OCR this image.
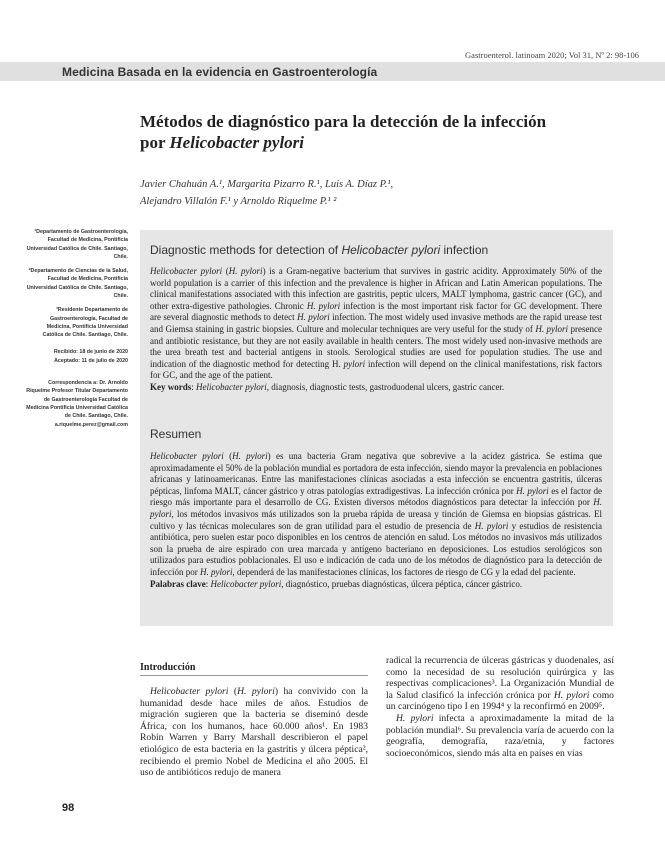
Gastroenterol. latinoam 2020; Vol 31, Nº 2: 98-106
Medicina Basada en la evidencia en Gastroenterología
Métodos de diagnóstico para la detección de la infección
por Helicobacter pylori
Javier Chahuán A.¹, Margarita Pizarro R.¹, Luis A. Díaz P.¹,
Alejandro Villalón F.¹ y Arnoldo Riquelme P.¹ ²

¹Departamento de Gastroenterología, Facultad de Medicina, Pontificia Universidad Católica de Chile. Santiago, Chile.

²Departamento de Ciencias de la Salud, Facultad de Medicina, Pontificia Universidad Católica de Chile. Santiago, Chile.

³Residente Departamento de Gastroenterología, Facultad de Medicina, Pontificia Universidad Católica de Chile. Santiago, Chile.

Recibido: 18 de junio de 2020

Aceptado: 11 de julio de 2020

Correspondencia a: Dr. Arnoldo Riquelme Profesor Titular Departamento de Gastroenterología Facultad de Medicina Pontificia Universidad Católica de Chile. Santiago, Chile. a.riquelme.perez@gmail.com

Diagnostic methods for detection of Helicobacter pylori infection
Helicobacter pylori (H. pylori) is a Gram-negative bacterium that survives in gastric acidity. Approximately 50% of the world population is a carrier of this infection and the prevalence is higher in African and Latin American populations. The clinical manifestations associated with this infection are gastritis, peptic ulcers, MALT lymphoma, gastric cancer (GC), and other extra-digestive pathologies. Chronic H. pylori infection is the most important risk factor for GC development. There are several diagnostic methods to detect H. pylori infection. The most widely used invasive methods are the rapid urease test and Giemsa staining in gastric biopsies. Culture and molecular techniques are very useful for the study of H. pylori presence and antibiotic resistance, but they are not easily available in health centers. The most widely used non-invasive methods are the urea breath test and bacterial antigens in stools. Serological studies are used for population studies. The use and indication of the diagnostic method for detecting H. pylori infection will depend on the clinical manifestations, risk factors for GC, and the age of the patient.
Key words: Helicobacter pylori, diagnosis, diagnostic tests, gastroduodenal ulcers, gastric cancer.
Resumen
Helicobacter pylori (H. pylori) es una bacteria Gram negativa que sobrevive a la acidez gástrica. Se estima que aproximadamente el 50% de la población mundial es portadora de esta infección, siendo mayor la prevalencia en poblaciones africanas y latinoamericanas. Entre las manifestaciones clínicas asociadas a esta infección se encuentra gastritis, úlceras pépticas, linfoma MALT, cáncer gástrico y otras patologías extradigestivas. La infección crónica por H. pylori es el factor de riesgo más importante para el desarrollo de CG. Existen diversos métodos diagnósticos para detectar la infección por H. pylori, los métodos invasivos más utilizados son la prueba rápida de ureasa y tinción de Giemsa en biopsias gástricas. El cultivo y las técnicas moleculares son de gran utilidad para el estudio de presencia de H. pylori y estudios de resistencia antibiótica, pero suelen estar poco disponibles en los centros de atención en salud. Los métodos no invasivos más utilizados son la prueba de aire espirado con urea marcada y antígeno bacteriano en deposiciones. Los estudios serológicos son utilizados para estudios poblacionales. El uso e indicación de cada uno de los métodos de diagnóstico para la detección de infección por H. pylori, dependerá de las manifestaciones clínicas, los factores de riesgo de CG y la edad del paciente.
Palabras clave: Helicobacter pylori, diagnóstico, pruebas diagnósticas, úlcera péptica, cáncer gástrico.
Introducción
Helicobacter pylori (H. pylori) ha convivido con la humanidad desde hace miles de años. Estudios de migración sugieren que la bacteria se diseminó desde África, con los humanos, hace 60.000 años¹. En 1983 Robin Warren y Barry Marshall describieron el papel etiológico de esta bacteria en la gastritis y úlcera péptica², recibiendo el premio Nobel de Medicina el año 2005. El uso de antibióticos redujo de manera

radical la recurrencia de úlceras gástricas y duodenales, así como la necesidad de su resolución quirúrgica y las respectivas complicaciones³. La Organización Mundial de la Salud clasificó la infección crónica por H. pylori como un carcinógeno tipo I en 1994⁴ y la reconfirmó en 2009⁵.

H. pylori infecta a aproximadamente la mitad de la población mundial⁶. Su prevalencia varía de acuerdo con la geografía, demografía, raza/etnia, y factores socioeconómicos, siendo más alta en países en vías

98
